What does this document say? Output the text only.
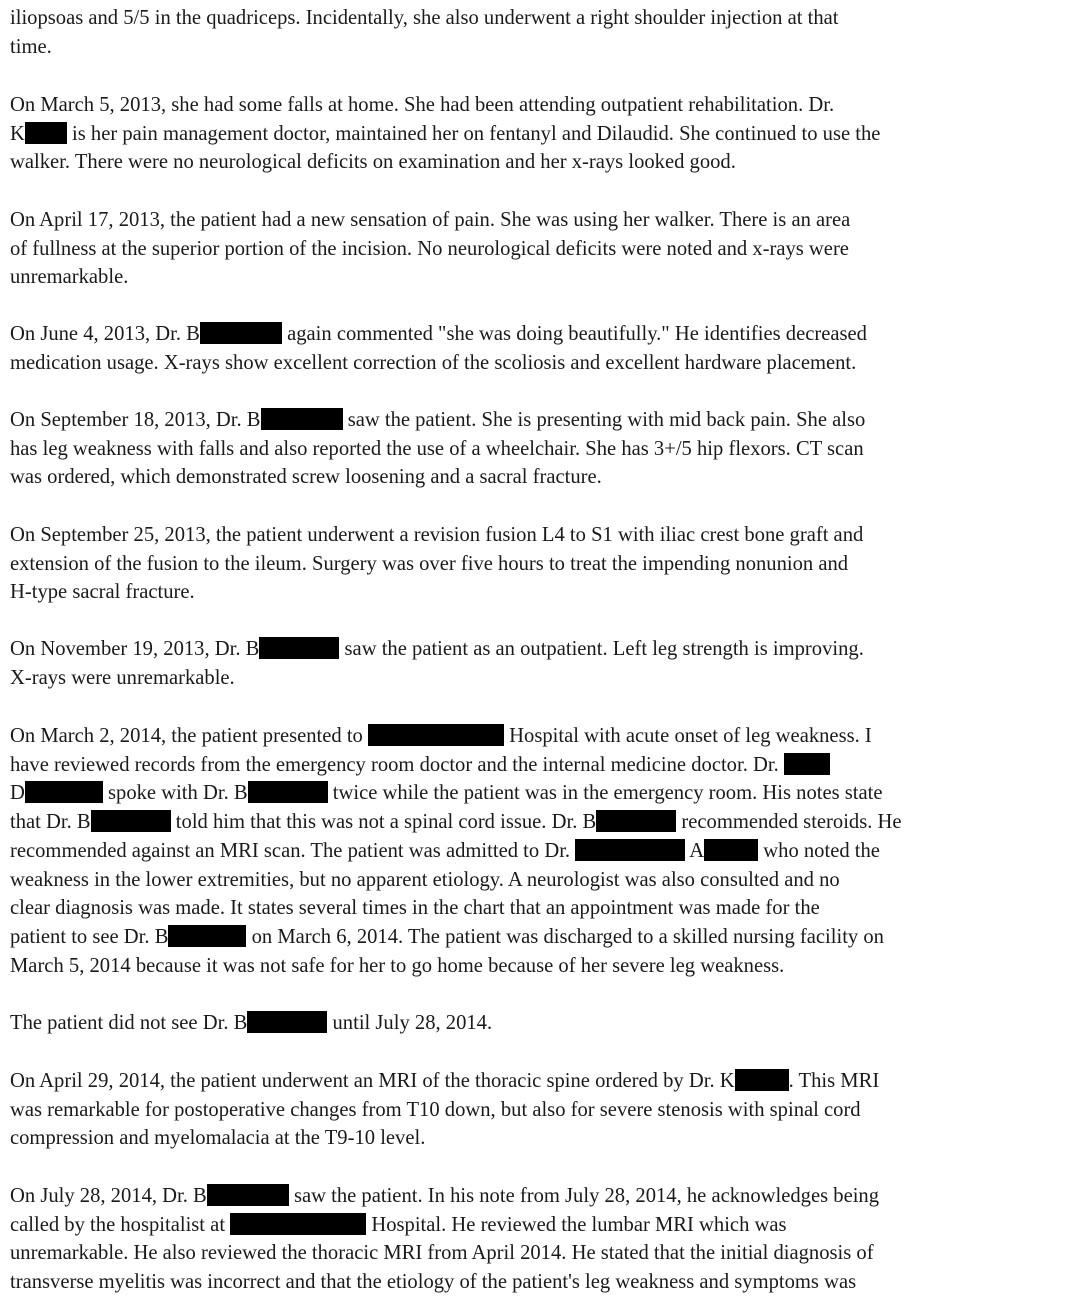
iliopsoas and 5/5 in the quadriceps. Incidentally, she also underwent a right shoulder injection at that
time.

On March 5, 2013, she had some falls at home. She had been attending outpatient rehabilitation. Dr.
K is her pain management doctor, maintained her on fentanyl and Dilaudid. She continued to use the
walker. There were no neurological deficits on examination and her x-rays looked good.

On April 17, 2013, the patient had a new sensation of pain. She was using her walker. There is an area
of fullness at the superior portion of the incision. No neurological deficits were noted and x-rays were
unremarkable.

On June 4, 2013, Dr. B	again commented "she was doing beautifully." He identifies decreased
medication usage. X-rays show excellent correction of the scoliosis and excellent hardware placement.

On September 18, 2013, Dr. B	saw the patient. She is presenting with mid back pain. She also
has leg weakness with falls and also reported the use of a wheelchair. She has 3+/5 hip flexors. CT scan
was ordered, which demonstrated screw loosening and a sacral fracture.

On September 25, 2013, the patient underwent a revision fusion L4 to S1 with iliac crest bone graft and
extension of the fusion to the ileum. Surgery was over five hours to treat the impending nonunion and
H-type sacral fracture.

On November 19, 2013, Dr. B	saw the patient as an outpatient. Left leg strength is improving.
X-rays were unremarkable.

On March 2, 2014, the patient presented to	Hospital with acute onset of leg weakness. I
have reviewed records from the emergency room doctor and the internal medicine doctor. Dr.
D	spoke with Dr. B	twice while the patient was in the emergency room. His notes state
that Dr. B	told him that this was not a spinal cord issue. Dr. B	recommended steroids. He
recommended against an MRI scan. The patient was admitted to Dr.	A	who noted the
weakness in the lower extremities, but no apparent etiology. A neurologist was also consulted and no
clear diagnosis was made. It states several times in the chart that an appointment was made for the
patient to see Dr. B	on March 6, 2014. The patient was discharged to a skilled nursing facility on
March 5, 2014 because it was not safe for her to go home because of her severe leg weakness.

The patient did not see Dr. B	until July 28, 2014.

On April 29, 2014, the patient underwent an MRI of the thoracic spine ordered by Dr. K	. This MRI
was remarkable for postoperative changes from T10 down, but also for severe stenosis with spinal cord
compression and myelomalacia at the T9-10 level.

On July 28, 2014, Dr. B	saw the patient. In his note from July 28, 2014, he acknowledges being
called by the hospitalist at	Hospital. He reviewed the lumbar MRI which was
unremarkable. He also reviewed the thoracic MRI from April 2014. He stated that the initial diagnosis of
transverse myelitis was incorrect and that the etiology of the patient's leg weakness and symptoms was
